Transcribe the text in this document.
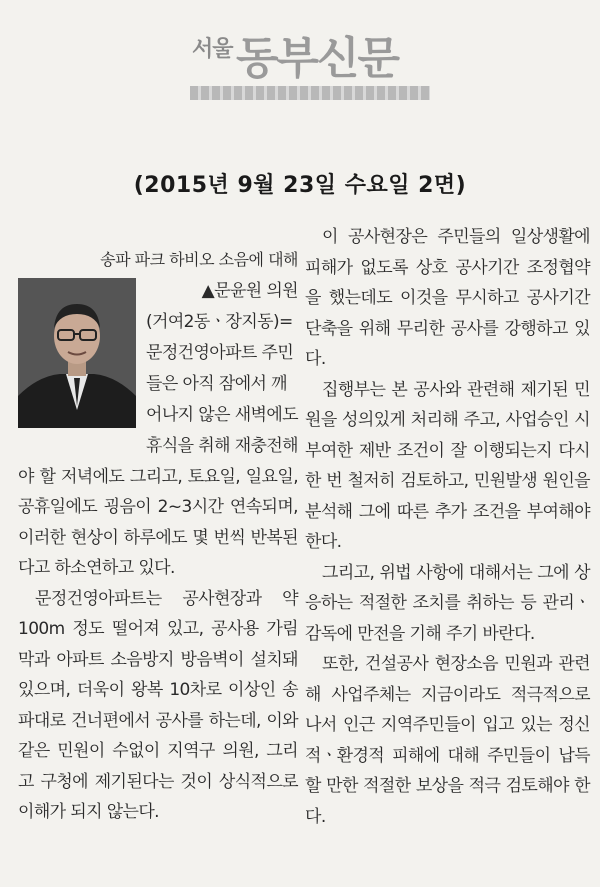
서울 동부신문
(2015년 9월 23일 수요일 2면)
송파 파크 하비오 소음에 대해
▲문윤원 의원
(거여2동ㆍ장지동)= 문정건영아파트 주민들은 아직 잠에서 깨어나지 않은 새벽에도

휴식을 취해 재충전해야 할 저녁에도 그리고, 토요일, 일요일, 공휴일에도 굉음이 2~3시간 연속되며, 이러한 현상이 하루에도 몇 번씩 반복된다고 하소연하고 있다.

문정건영아파트는 공사현장과 약 100m 정도 떨어져 있고, 공사용 가림막과 아파트 소음방지 방음벽이 설치돼 있으며, 더욱이 왕복 10차로 이상인 송파대로 건너편에서 공사를 하는데, 이와 같은 민원이 수없이 지역구 의원, 그리고 구청에 제기된다는 것이 상식적으로 이해가 되지 않는다.

이 공사현장은 주민들의 일상생활에 피해가 없도록 상호 공사기간 조정협약을 했는데도 이것을 무시하고 공사기간 단축을 위해 무리한 공사를 강행하고 있다.

집행부는 본 공사와 관련해 제기된 민원을 성의있게 처리해 주고, 사업승인 시 부여한 제반 조건이 잘 이행되는지 다시 한 번 철저히 검토하고, 민원발생 원인을 분석해 그에 따른 추가 조건을 부여해야 한다.

그리고, 위법 사항에 대해서는 그에 상응하는 적절한 조치를 취하는 등 관리ㆍ감독에 만전을 기해 주기 바란다.

또한, 건설공사 현장소음 민원과 관련해 사업주체는 지금이라도 적극적으로 나서 인근 지역주민들이 입고 있는 정신적ㆍ환경적 피해에 대해 주민들이 납득할 만한 적절한 보상을 적극 검토해야 한다.
